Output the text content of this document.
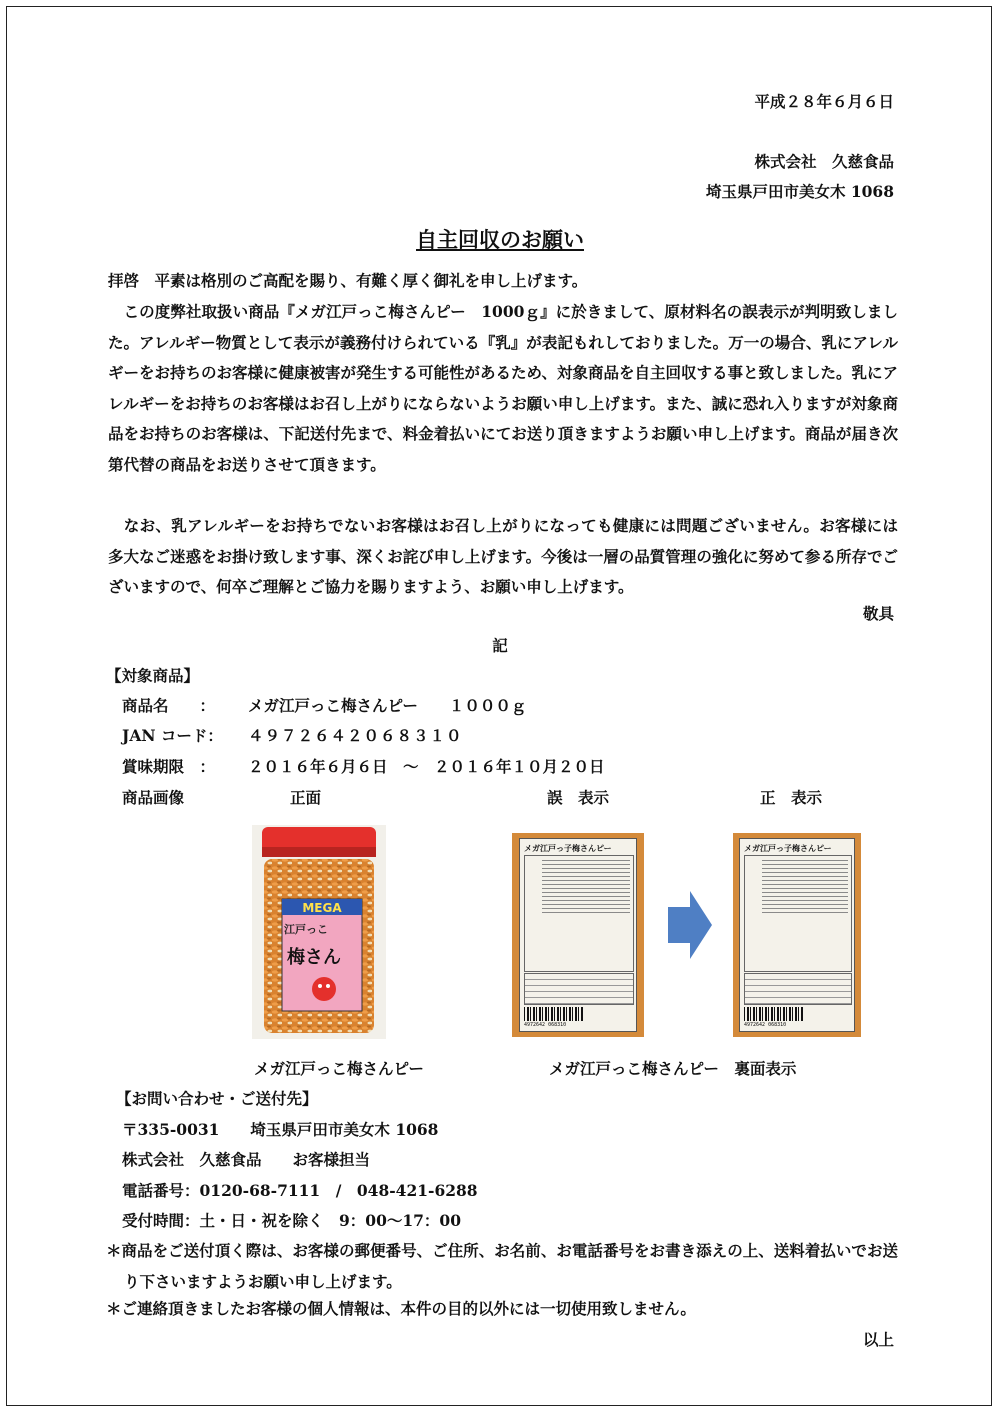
平成２８年６月６日
株式会社　久慈食品
埼玉県戸田市美女木 1068
自主回収のお願い
拝啓　平素は格別のご高配を賜り、有難く厚く御礼を申し上げます。
　この度弊社取扱い商品『メガ江戸っこ梅さんピー　1000ｇ』に於きまして、原材料名の誤表示が判明致しました。アレルギー物質として表示が義務付けられている『乳』が表記もれしておりました。万一の場合、乳にアレルギーをお持ちのお客様に健康被害が発生する可能性があるため、対象商品を自主回収する事と致しました。乳にアレルギーをお持ちのお客様はお召し上がりにならないようお願い申し上げます。また、誠に恐れ入りますが対象商品をお持ちのお客様は、下記送付先まで、料金着払いにてお送り頂きますようお願い申し上げます。商品が届き次第代替の商品をお送りさせて頂きます。
　なお、乳アレルギーをお持ちでないお客様はお召し上がりになっても健康には問題ございません。お客様には多大なご迷惑をお掛け致します事、深くお詫び申し上げます。今後は一層の品質管理の強化に努めて参る所存でございますので、何卒ご理解とご協力を賜りますよう、お願い申し上げます。
敬具
記
【対象商品】
商品名　　： メガ江戸っこ梅さんピー　　１０００ｇ
JAN コード： ４９７２６４２０６８３１０
賞味期限　： ２０１６年６月６日　～　２０１６年１０月２０日
商品画像	正面	誤　表示	正　表示
MEGA
江戸っこ
梅さん
メガ江戸っ子梅さんピー
4972642 068310
メガ江戸っ子梅さんピー
4972642 068310
メガ江戸っこ梅さんピー	メガ江戸っこ梅さんピー　裏面表示
【お問い合わせ・ご送付先】
〒335-0031　　埼玉県戸田市美女木 1068
株式会社　久慈食品　　お客様担当
電話番号：0120-68-7111　/　048-421-6288
受付時間：土・日・祝を除く　9：00～17：00
＊商品をご送付頂く際は、お客様の郵便番号、ご住所、お名前、お電話番号をお書き添えの上、送料着払いでお送り下さいますようお願い申し上げます。
＊ご連絡頂きましたお客様の個人情報は、本件の目的以外には一切使用致しません。
以上
